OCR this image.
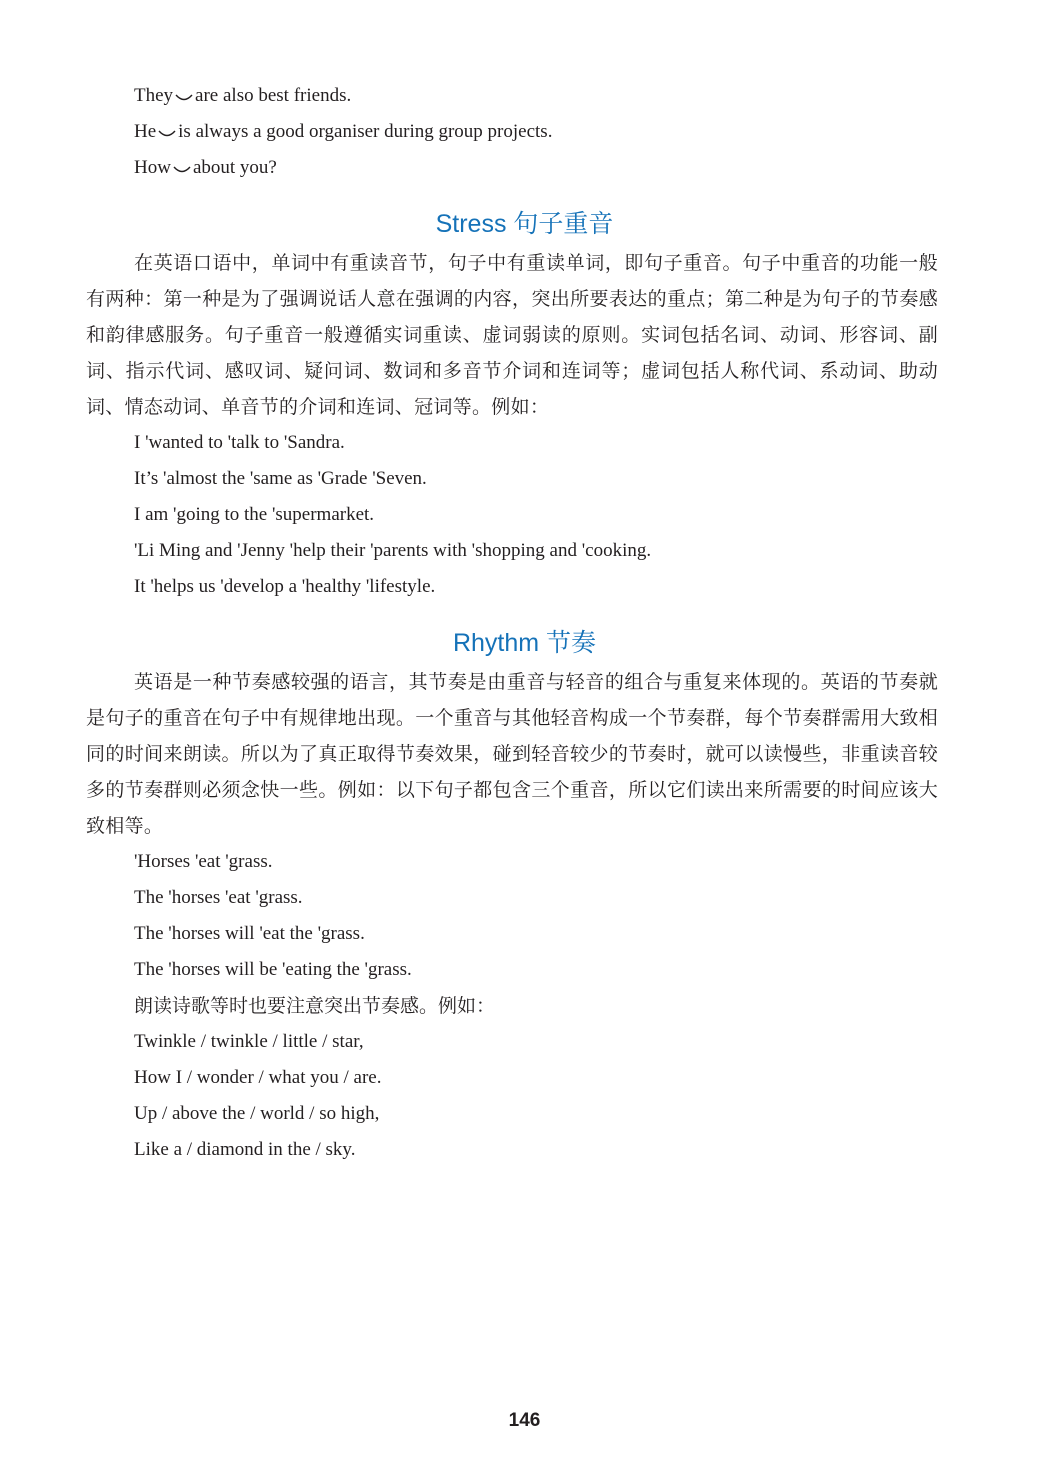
They are also best friends.
He is always a good organiser during group projects.
How about you?
Stress 句子重音
在英语口语中，单词中有重读音节，句子中有重读单词，即句子重音。句子中重音的功能一般有两种：第一种是为了强调说话人意在强调的内容，突出所要表达的重点；第二种是为句子的节奏感和韵律感服务。句子重音一般遵循实词重读、虚词弱读的原则。实词包括名词、动词、形容词、副词、指示代词、感叹词、疑问词、数词和多音节介词和连词等；虚词包括人称代词、系动词、助动词、情态动词、单音节的介词和连词、冠词等。例如：
I 'wanted to 'talk to 'Sandra.
It’s 'almost the 'same as 'Grade 'Seven.
I am 'going to the 'supermarket.
'Li Ming and 'Jenny 'help their 'parents with 'shopping and 'cooking.
It 'helps us 'develop a 'healthy 'lifestyle.
Rhythm 节奏
英语是一种节奏感较强的语言，其节奏是由重音与轻音的组合与重复来体现的。英语的节奏就是句子的重音在句子中有规律地出现。一个重音与其他轻音构成一个节奏群，每个节奏群需用大致相同的时间来朗读。所以为了真正取得节奏效果，碰到轻音较少的节奏时，就可以读慢些，非重读音较多的节奏群则必须念快一些。例如：以下句子都包含三个重音，所以它们读出来所需要的时间应该大致相等。
'Horses 'eat 'grass.
The 'horses 'eat 'grass.
The 'horses will 'eat the 'grass.
The 'horses will be 'eating the 'grass.
朗读诗歌等时也要注意突出节奏感。例如：
Twinkle / twinkle / little / star,
How I / wonder / what you / are.
Up / above the / world / so high,
Like a / diamond in the / sky.
146
